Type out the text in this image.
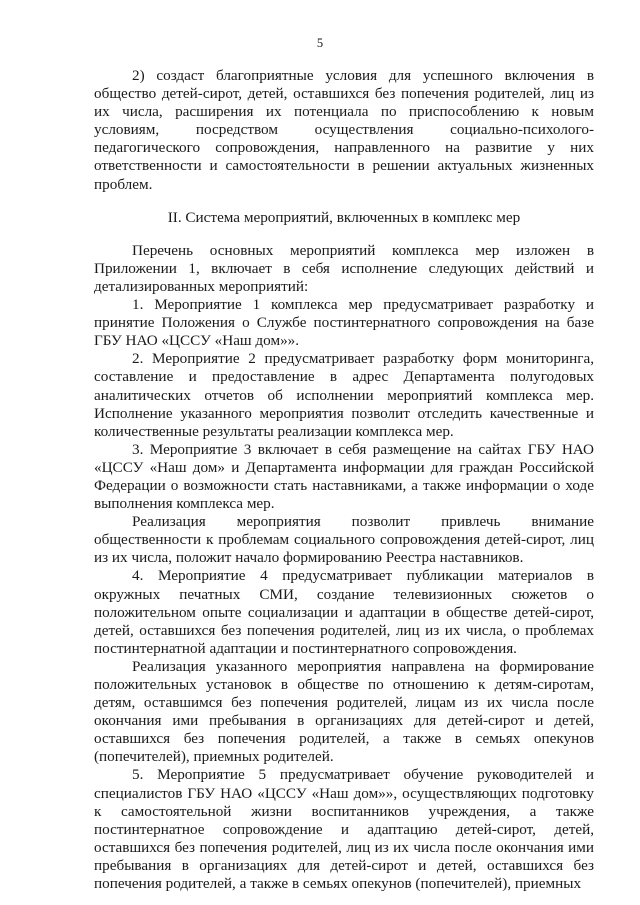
5

2) создаст благоприятные условия для успешного включения в общество детей-сирот, детей, оставшихся без попечения родителей, лиц из их числа, расширения их потенциала по приспособлению к новым условиям, посредством осуществления социально-психолого-педагогического сопровождения, направленного на развитие у них ответственности и самостоятельности в решении актуальных жизненных проблем.

II. Система мероприятий, включенных в комплекс мер

Перечень основных мероприятий комплекса мер изложен в Приложении 1, включает в себя исполнение следующих действий и детализированных мероприятий:

1. Мероприятие 1 комплекса мер предусматривает разработку и принятие Положения о Службе постинтернатного сопровождения на базе ГБУ НАО «ЦССУ «Наш дом»».

2. Мероприятие 2 предусматривает разработку форм мониторинга, составление и предоставление в адрес Департамента полугодовых аналитических отчетов об исполнении мероприятий комплекса мер. Исполнение указанного мероприятия позволит отследить качественные и количественные результаты реализации комплекса мер.

3. Мероприятие 3 включает в себя размещение на сайтах ГБУ НАО «ЦССУ «Наш дом» и Департамента информации для граждан Российской Федерации о возможности стать наставниками, а также информации о ходе выполнения комплекса мер.

Реализация мероприятия позволит привлечь внимание общественности к проблемам социального сопровождения детей-сирот, лиц из их числа, положит начало формированию Реестра наставников.

4. Мероприятие 4 предусматривает публикации материалов в окружных печатных СМИ, создание телевизионных сюжетов о положительном опыте социализации и адаптации в обществе детей-сирот, детей, оставшихся без попечения родителей, лиц из их числа, о проблемах постинтернатной адаптации и постинтернатного сопровождения.

Реализация указанного мероприятия направлена на формирование положительных установок в обществе по отношению к детям-сиротам, детям, оставшимся без попечения родителей, лицам из их числа после окончания ими пребывания в организациях для детей-сирот и детей, оставшихся без попечения родителей, а также в семьях опекунов (попечителей), приемных родителей.

5. Мероприятие 5 предусматривает обучение руководителей и специалистов ГБУ НАО «ЦССУ «Наш дом»», осуществляющих подготовку к самостоятельной жизни воспитанников учреждения, а также постинтернатное сопровождение и адаптацию детей-сирот, детей, оставшихся без попечения родителей, лиц из их числа после окончания ими пребывания в организациях для детей-сирот и детей, оставшихся без попечения родителей, а также в семьях опекунов (попечителей), приемных
